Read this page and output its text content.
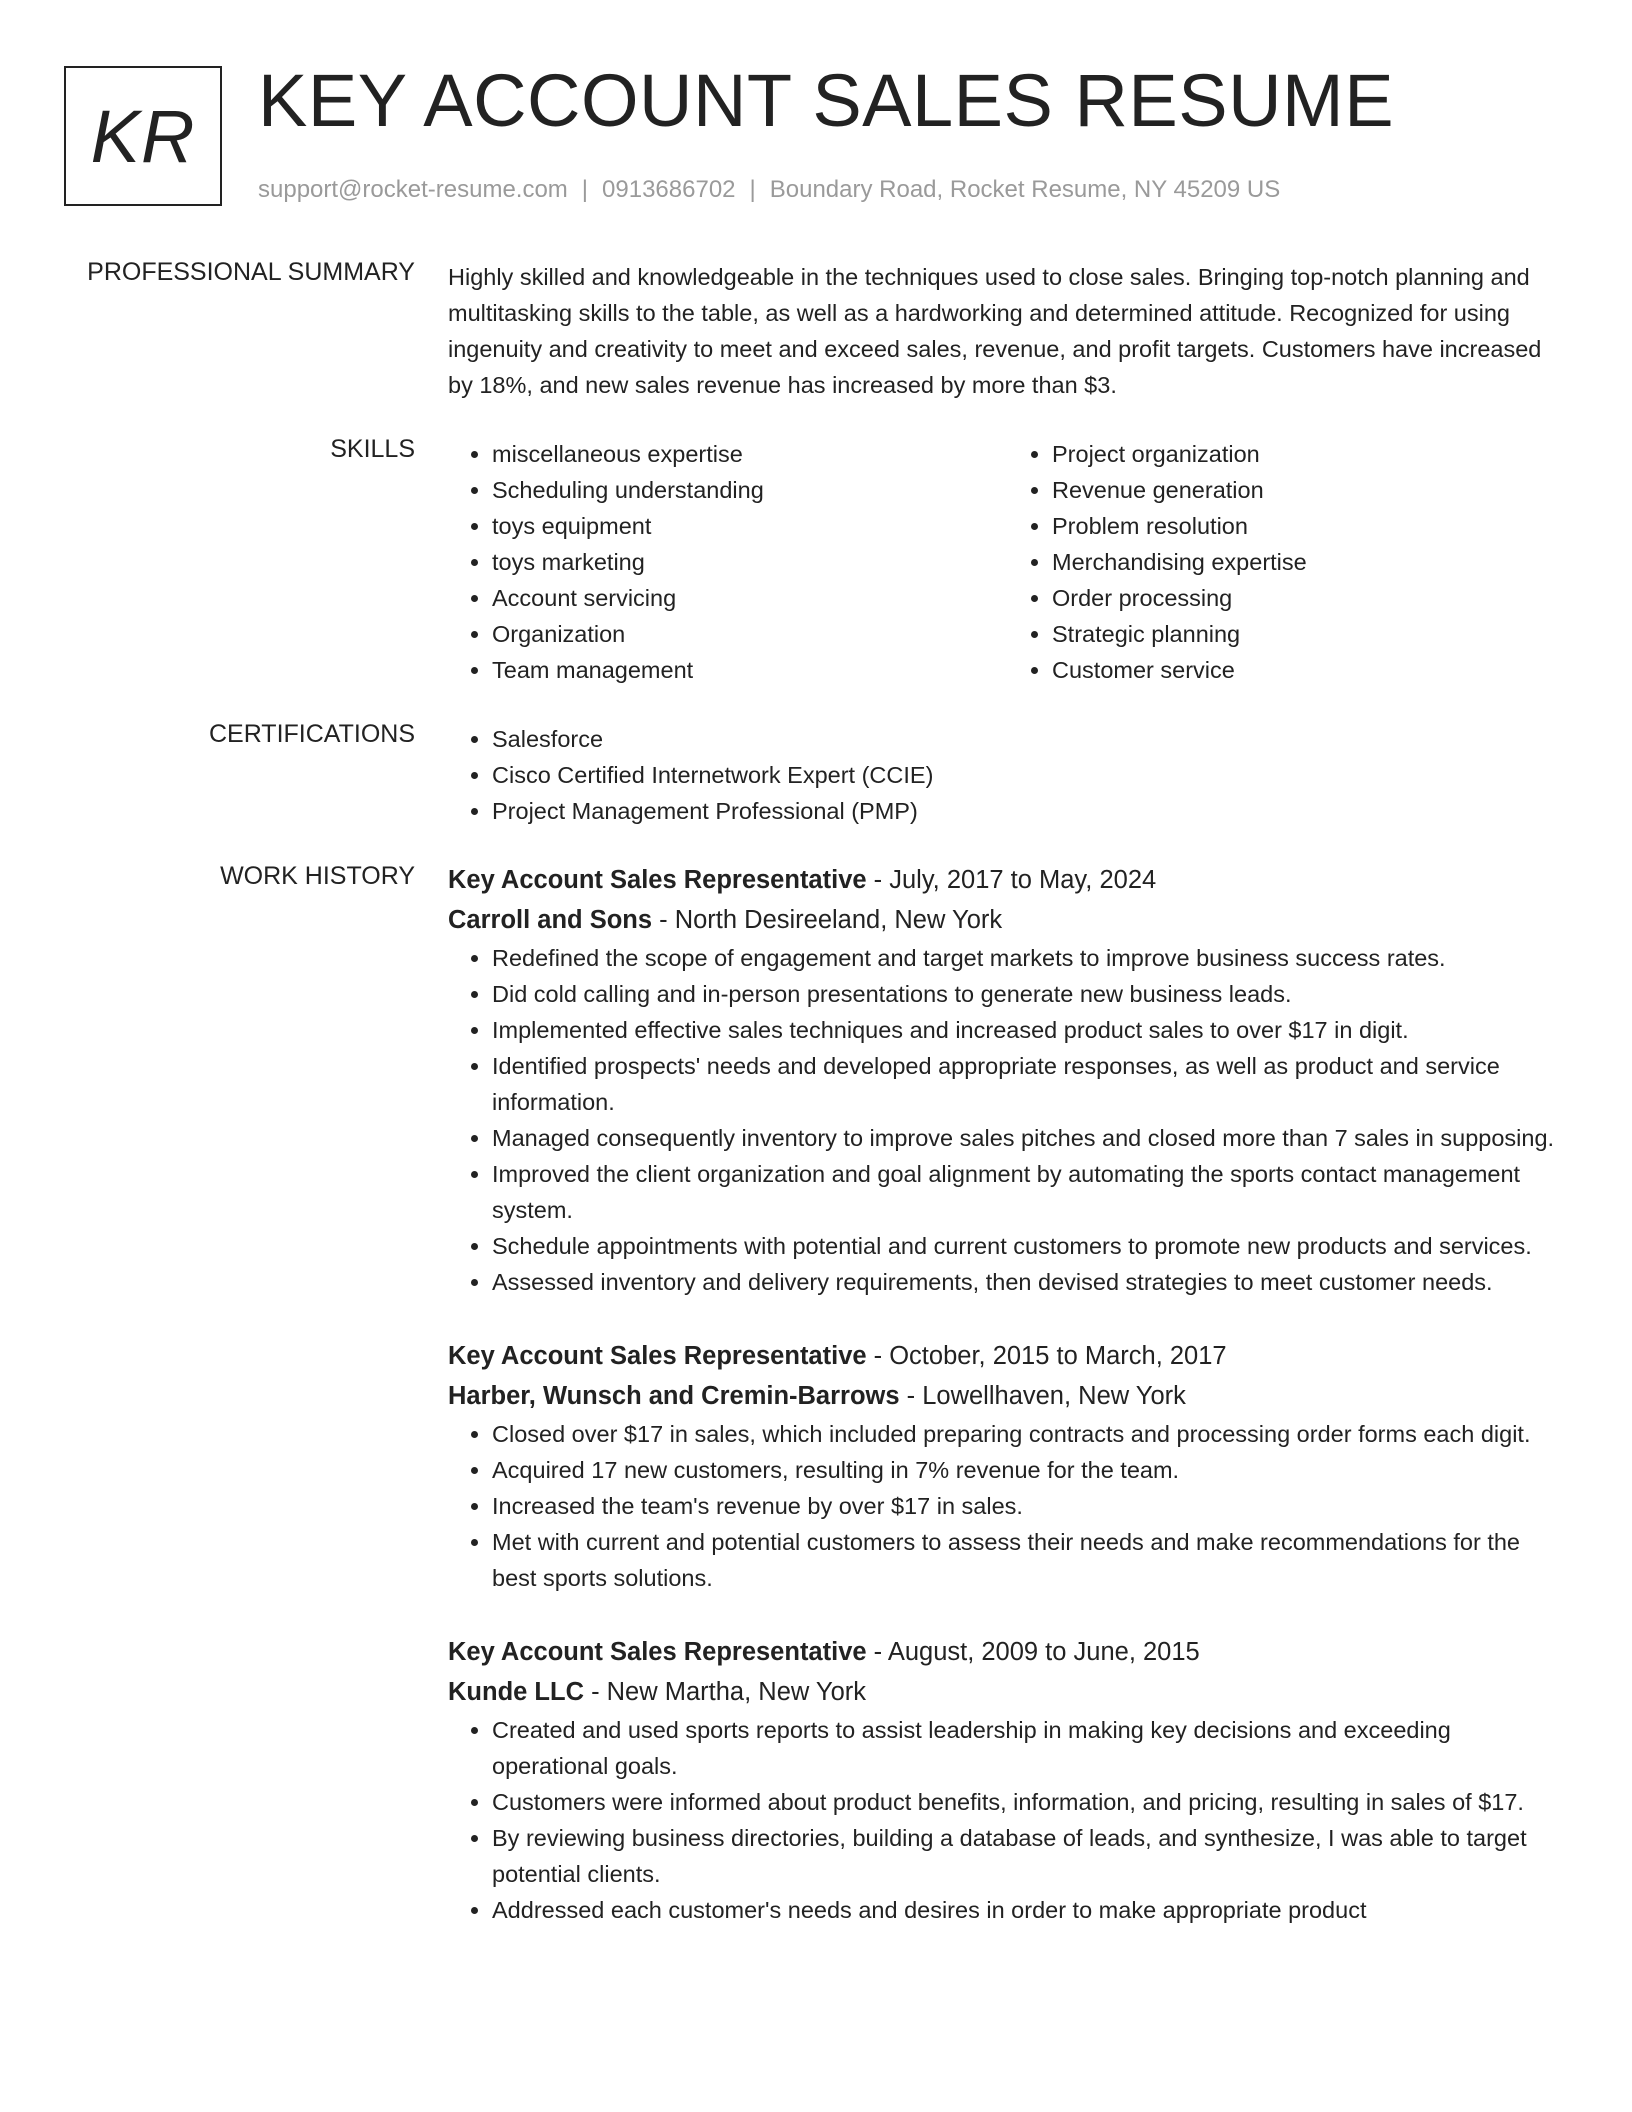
KR KEY ACCOUNT SALES RESUME
support@rocket-resume.com | 0913686702 | Boundary Road, Rocket Resume, NY 45209 US
PROFESSIONAL SUMMARY Highly skilled and knowledgeable in the techniques used to close sales. Bringing top-notch planning and multitasking skills to the table, as well as a hardworking and determined attitude. Recognized for using ingenuity and creativity to meet and exceed sales, revenue, and profit targets. Customers have increased by 18%, and new sales revenue has increased by more than $3.

SKILLS	• miscellaneous expertise
• Scheduling understanding
• toys equipment
• toys marketing
• Account servicing
• Organization
• Team management
• Project organization
• Revenue generation
• Problem resolution
• Merchandising expertise
• Order processing
• Strategic planning
• Customer service
CERTIFICATIONS	• Salesforce
• Cisco Certified Internetwork Expert (CCIE)
• Project Management Professional (PMP)
WORK HISTORY Key Account Sales Representative - July, 2017 to May, 2024
Carroll and Sons - North Desireeland, New York
• Redefined the scope of engagement and target markets to improve business success rates.
• Did cold calling and in-person presentations to generate new business leads.
• Implemented effective sales techniques and increased product sales to over $17 in digit.
• Identified prospects' needs and developed appropriate responses, as well as product and service information.
• Managed consequently inventory to improve sales pitches and closed more than 7 sales in supposing.
• Improved the client organization and goal alignment by automating the sports contact management system.
• Schedule appointments with potential and current customers to promote new products and services.
• Assessed inventory and delivery requirements, then devised strategies to meet customer needs.
Key Account Sales Representative - October, 2015 to March, 2017
Harber, Wunsch and Cremin-Barrows - Lowellhaven, New York
• Closed over $17 in sales, which included preparing contracts and processing order forms each digit.
• Acquired 17 new customers, resulting in 7% revenue for the team.
• Increased the team's revenue by over $17 in sales.
• Met with current and potential customers to assess their needs and make recommendations for the best sports solutions.
Key Account Sales Representative - August, 2009 to June, 2015
Kunde LLC - New Martha, New York
• Created and used sports reports to assist leadership in making key decisions and exceeding operational goals.
• Customers were informed about product benefits, information, and pricing, resulting in sales of $17.
• By reviewing business directories, building a database of leads, and synthesize, I was able to target potential clients.
• Addressed each customer's needs and desires in order to make appropriate product
